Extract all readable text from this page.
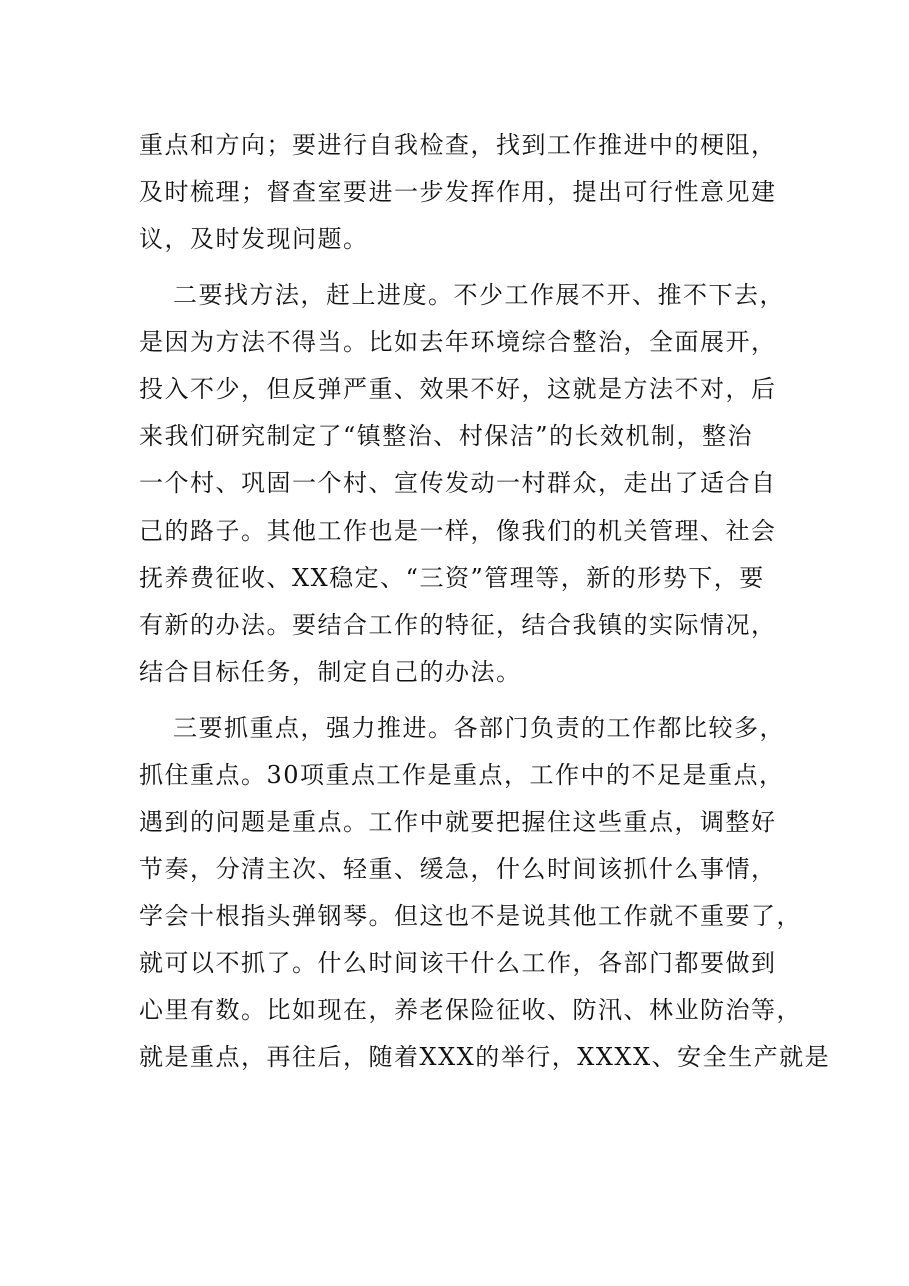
重点和方向；要进行自我检查，找到工作推进中的梗阻，
及时梳理；督查室要进一步发挥作用，提出可行性意见建
议，及时发现问题。
二要找方法，赶上进度。不少工作展不开、推不下去，
是因为方法不得当。比如去年环境综合整治，全面展开，
投入不少，但反弹严重、效果不好，这就是方法不对，后
来我们研究制定了“镇整治、村保洁”的长效机制，整治
一个村、巩固一个村、宣传发动一村群众，走出了适合自
己的路子。其他工作也是一样，像我们的机关管理、社会
抚养费征收、XX稳定、“三资”管理等，新的形势下，要
有新的办法。要结合工作的特征，结合我镇的实际情况，
结合目标任务，制定自己的办法。
三要抓重点，强力推进。各部门负责的工作都比较多，
抓住重点。30项重点工作是重点，工作中的不足是重点，
遇到的问题是重点。工作中就要把握住这些重点，调整好
节奏，分清主次、轻重、缓急，什么时间该抓什么事情，
学会十根指头弹钢琴。但这也不是说其他工作就不重要了，
就可以不抓了。什么时间该干什么工作，各部门都要做到
心里有数。比如现在，养老保险征收、防汛、林业防治等，
就是重点，再往后，随着XXX的举行，XXXX、安全生产就是
